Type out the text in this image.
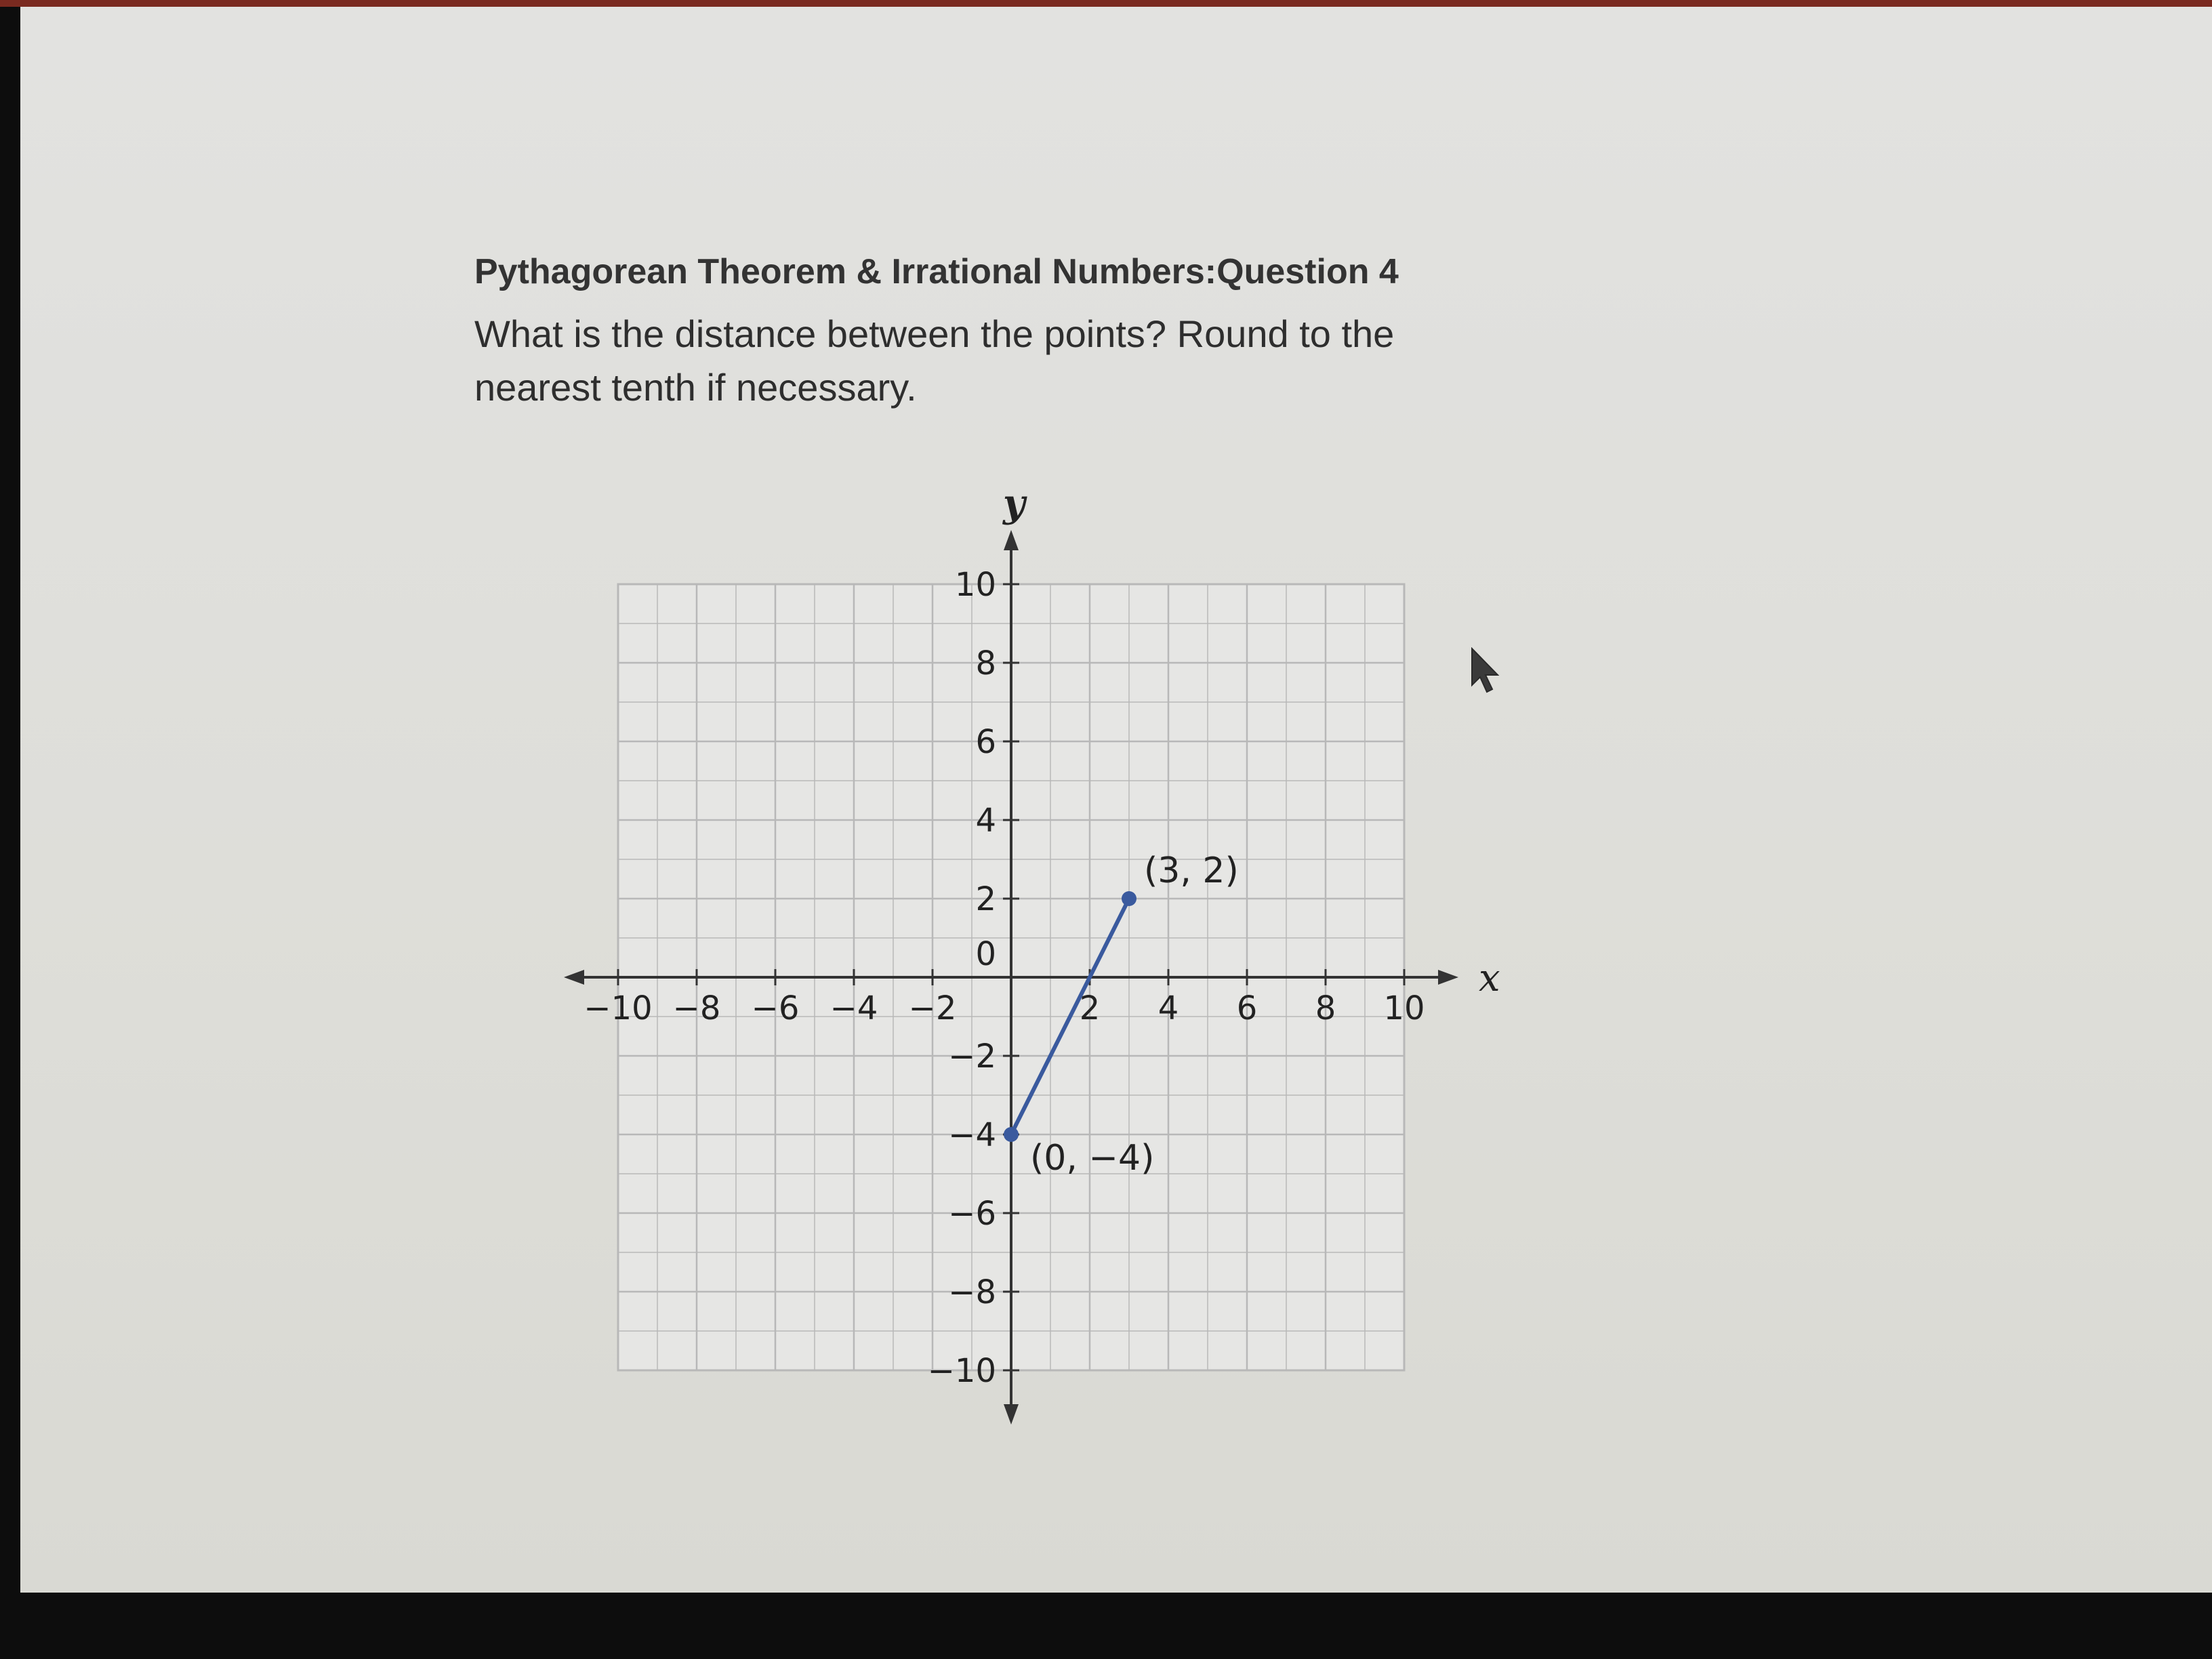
Pythagorean Theorem & Irrational Numbers:Question 4
What is the distance between the points? Round to the nearest tenth if necessary.
x
y
−10 −8 −6 −4 −2	2 4 6 8 10
10
8
6
4
2
−2
−4
−6
−8
−10
0
(3, 2)
(0, −4)
